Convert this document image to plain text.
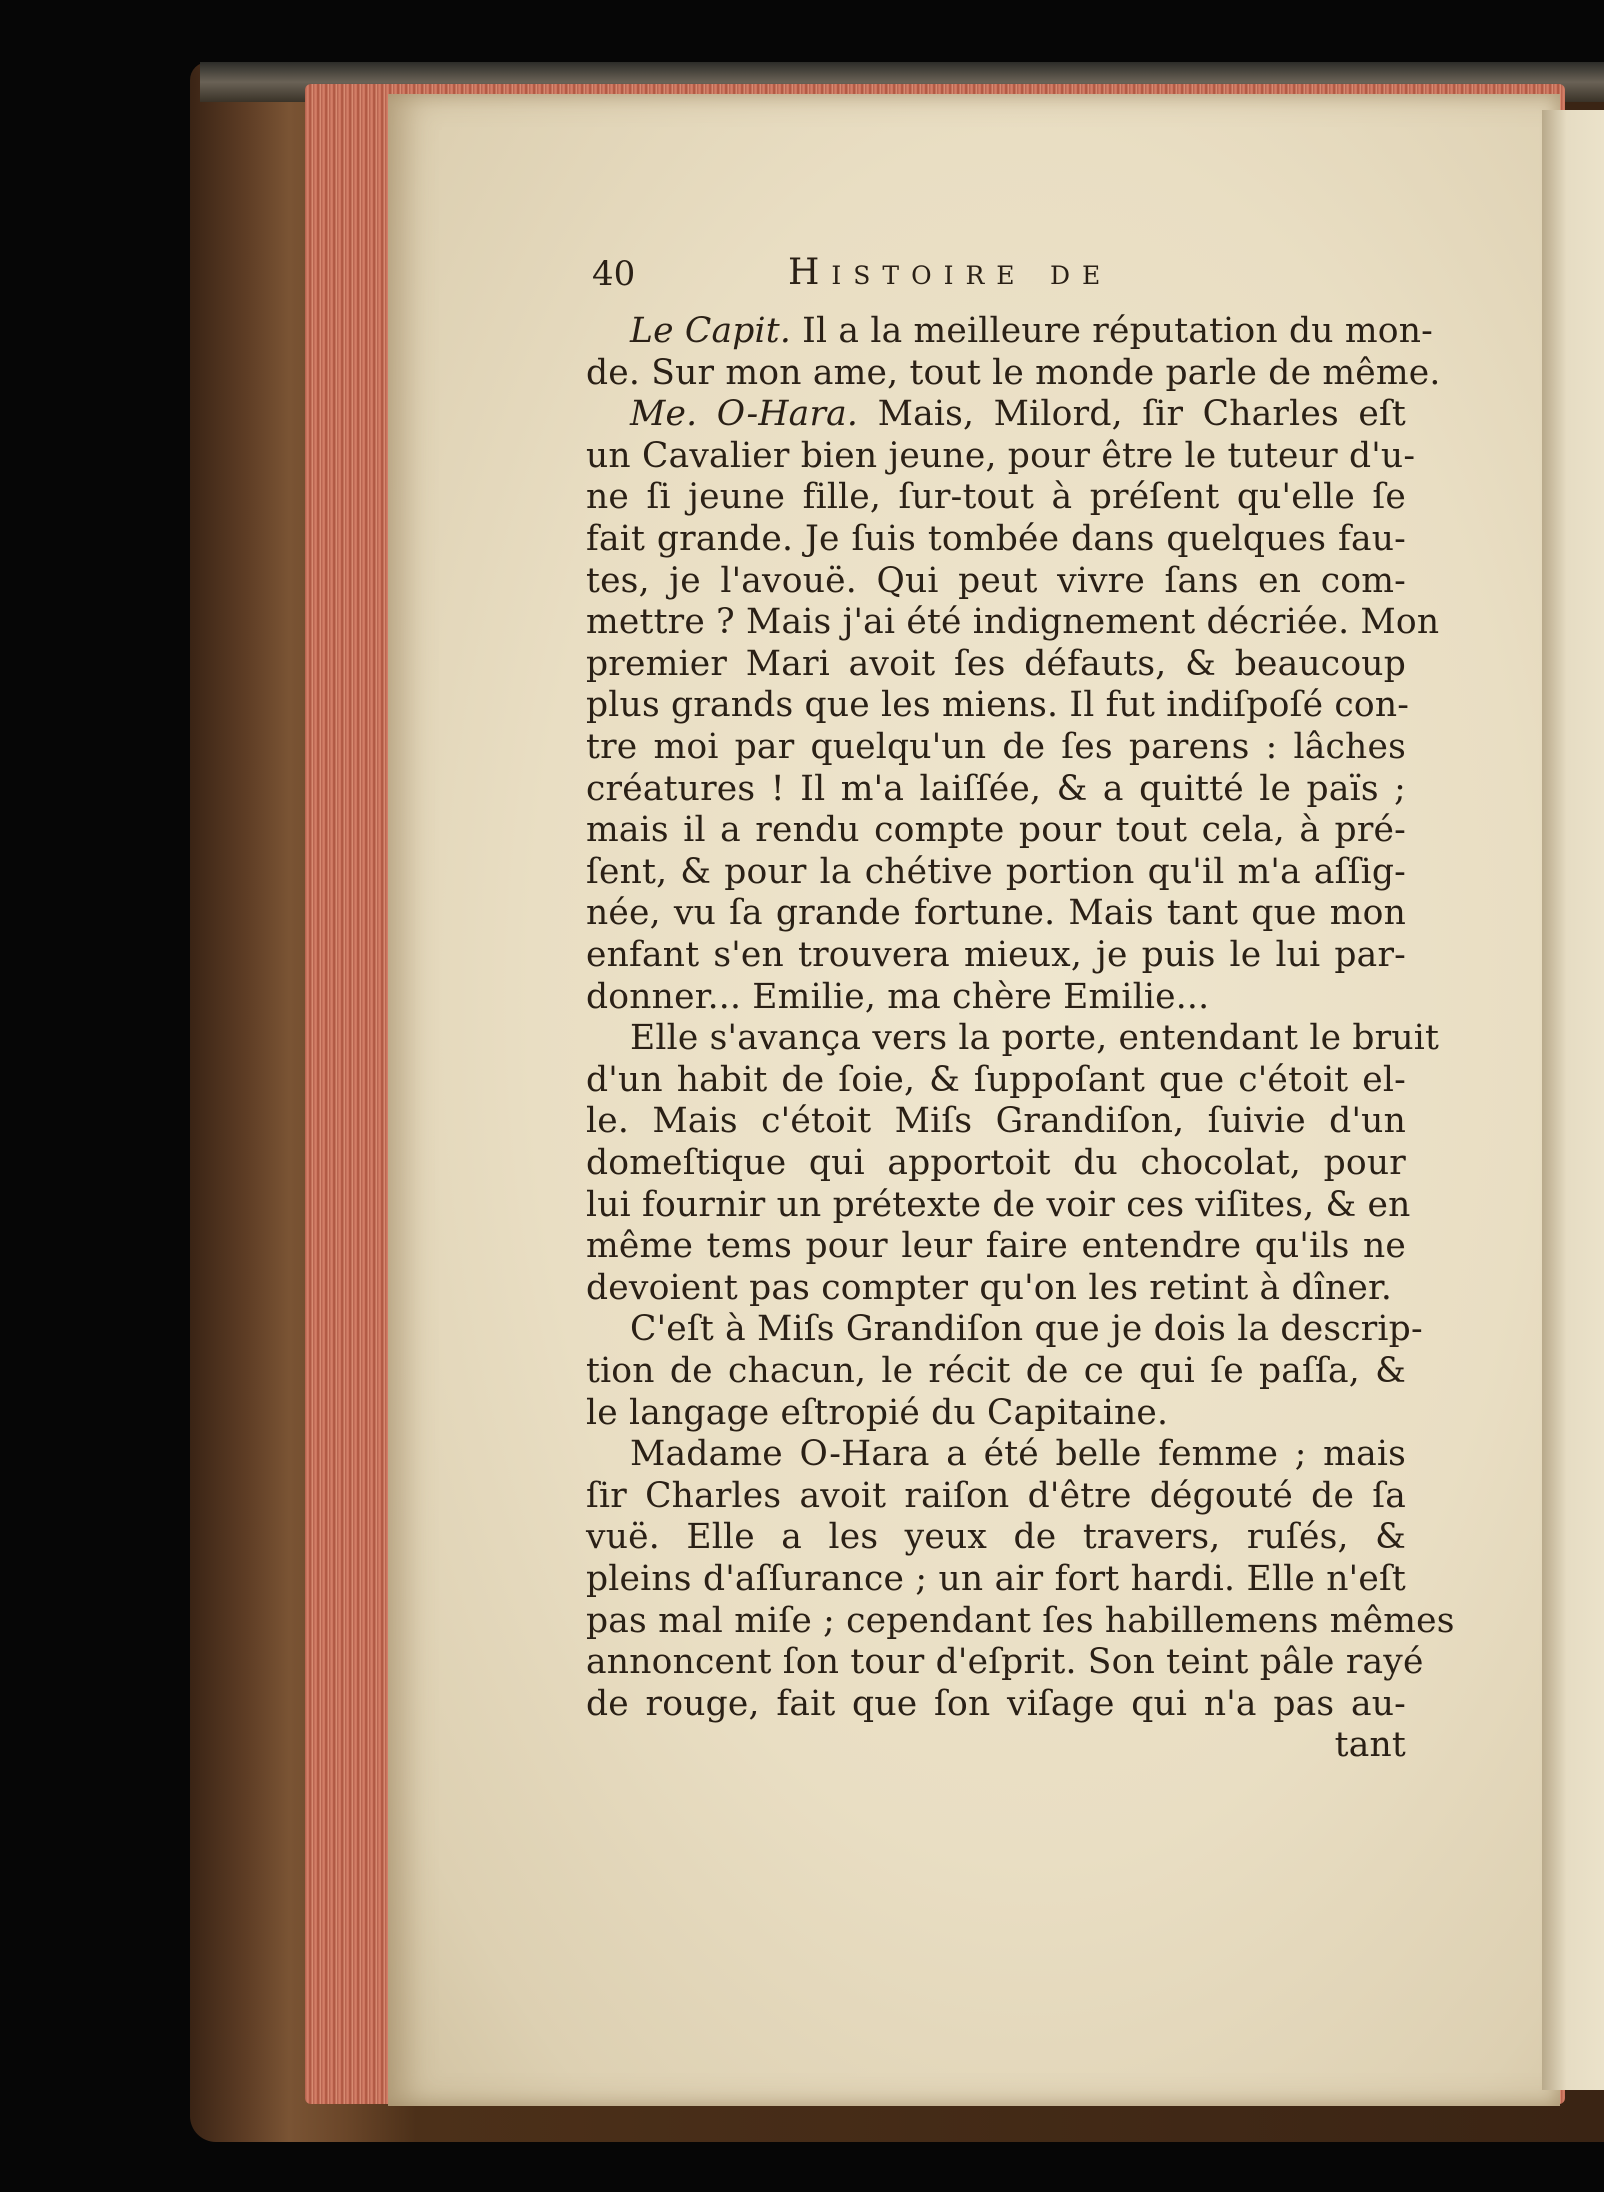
40	Histoire de
Le Capit. Il a la meilleure réputation du mon-
de. Sur mon ame, tout le monde parle de même.
Me. O-Hara. Mais, Milord, ſir Charles eſt
un Cavalier bien jeune, pour être le tuteur d'u-
ne ſi jeune fille, ſur-tout à préſent qu'elle ſe
fait grande. Je ſuis tombée dans quelques fau-
tes, je l'avouë. Qui peut vivre ſans en com-
mettre ? Mais j'ai été indignement décriée. Mon
premier Mari avoit ſes défauts, & beaucoup
plus grands que les miens. Il fut indiſpoſé con-
tre moi par quelqu'un de ſes parens : lâches
créatures ! Il m'a laiſſée, & a quitté le païs ;
mais il a rendu compte pour tout cela, à pré-
ſent, & pour la chétive portion qu'il m'a aſſig-
née, vu ſa grande fortune. Mais tant que mon
enfant s'en trouvera mieux, je puis le lui par-
donner... Emilie, ma chère Emilie...
Elle s'avança vers la porte, entendant le bruit
d'un habit de ſoie, & ſuppoſant que c'étoit el-
le. Mais c'étoit Miſs Grandiſon, ſuivie d'un
domeſtique qui apportoit du chocolat, pour
lui fournir un prétexte de voir ces viſites, & en
même tems pour leur faire entendre qu'ils ne
devoient pas compter qu'on les retint à dîner.
C'eſt à Miſs Grandiſon que je dois la descrip-
tion de chacun, le récit de ce qui ſe paſſa, &
le langage eſtropié du Capitaine.
Madame O-Hara a été belle femme ; mais
ſir Charles avoit raiſon d'être dégouté de ſa
vuë. Elle a les yeux de travers, ruſés, &
pleins d'aſſurance ; un air fort hardi. Elle n'eſt
pas mal miſe ; cependant ſes habillemens mêmes
annoncent ſon tour d'eſprit. Son teint pâle rayé
de rouge, fait que ſon viſage qui n'a pas au-
tant
